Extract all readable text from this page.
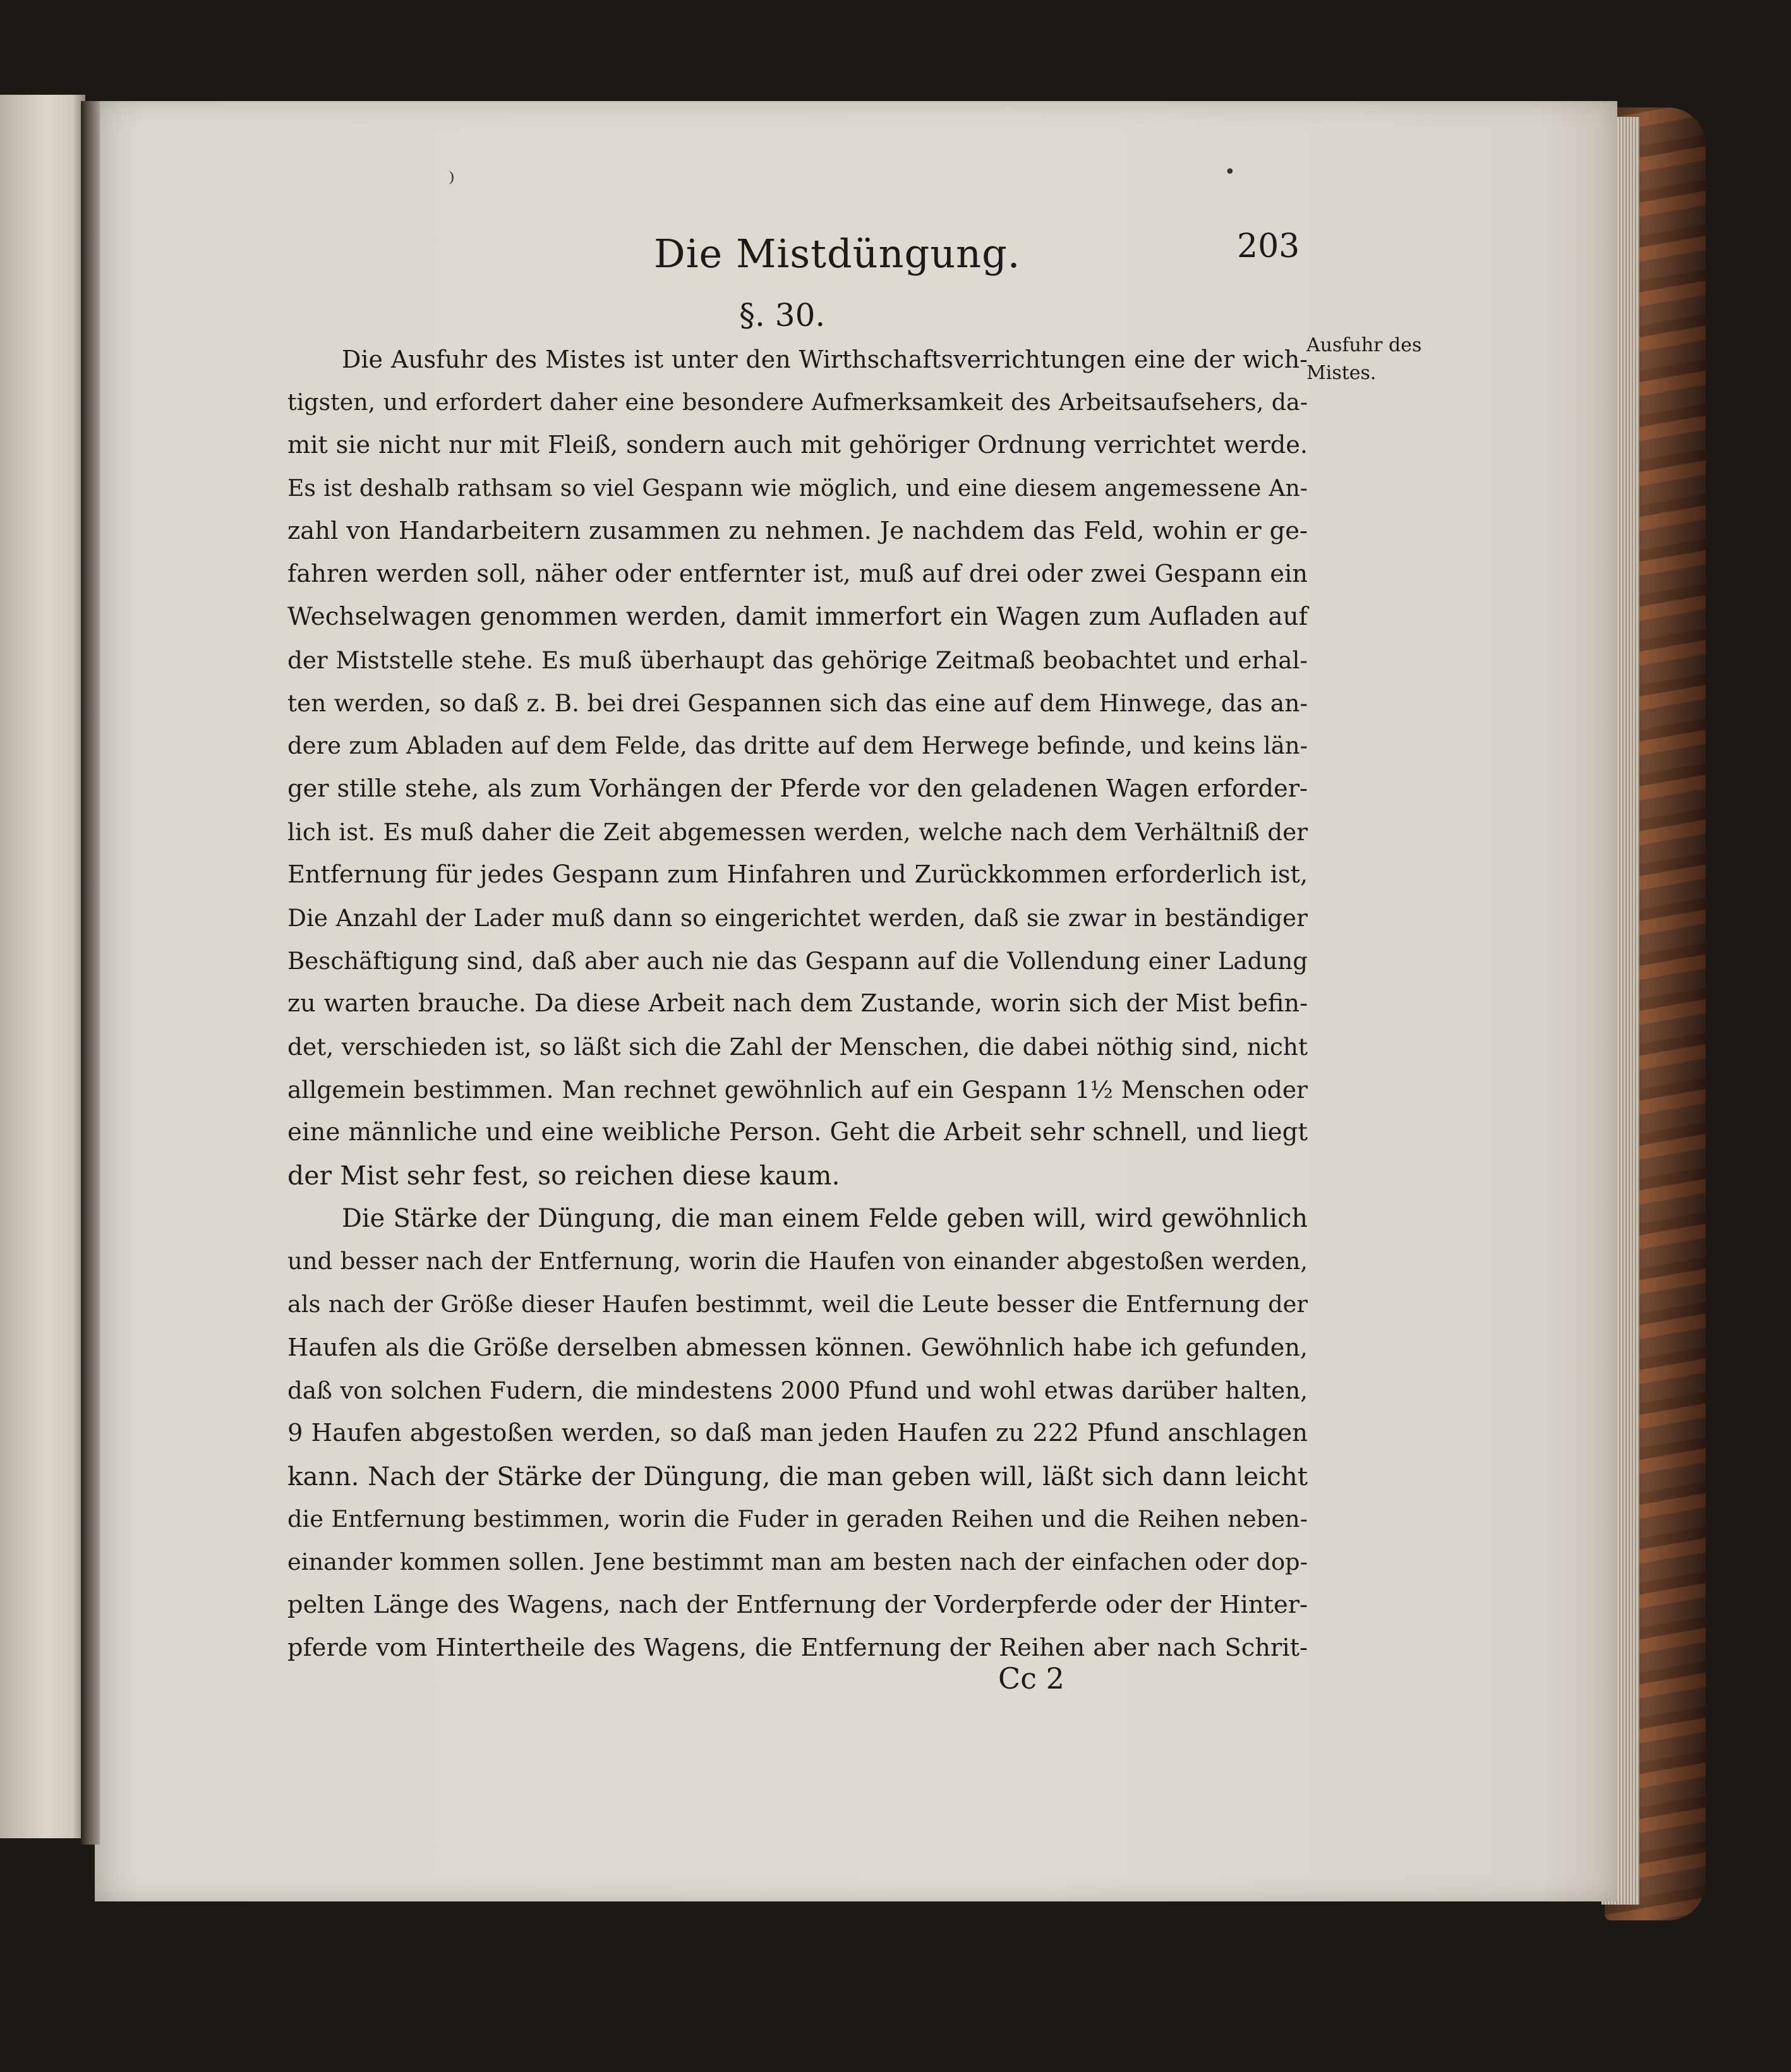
⁾	•
Die Mistdüngung.	203
§. 30.
Ausfuhr des
Mistes.
Die Ausfuhr des Mistes ist unter den Wirthschaftsverrichtungen eine der wich-
tigsten, und erfordert daher eine besondere Aufmerksamkeit des Arbeitsaufsehers, da-
mit sie nicht nur mit Fleiß, sondern auch mit gehöriger Ordnung verrichtet werde.
Es ist deshalb rathsam so viel Gespann wie möglich, und eine diesem angemessene An-
zahl von Handarbeitern zusammen zu nehmen. Je nachdem das Feld, wohin er ge-
fahren werden soll, näher oder entfernter ist, muß auf drei oder zwei Gespann ein
Wechselwagen genommen werden, damit immerfort ein Wagen zum Aufladen auf
der Miststelle stehe. Es muß überhaupt das gehörige Zeitmaß beobachtet und erhal-
ten werden, so daß z. B. bei drei Gespannen sich das eine auf dem Hinwege, das an-
dere zum Abladen auf dem Felde, das dritte auf dem Herwege befinde, und keins län-
ger stille stehe, als zum Vorhängen der Pferde vor den geladenen Wagen erforder-
lich ist. Es muß daher die Zeit abgemessen werden, welche nach dem Verhältniß der
Entfernung für jedes Gespann zum Hinfahren und Zurückkommen erforderlich ist,
Die Anzahl der Lader muß dann so eingerichtet werden, daß sie zwar in beständiger
Beschäftigung sind, daß aber auch nie das Gespann auf die Vollendung einer Ladung
zu warten brauche. Da diese Arbeit nach dem Zustande, worin sich der Mist befin-
det, verschieden ist, so läßt sich die Zahl der Menschen, die dabei nöthig sind, nicht
allgemein bestimmen. Man rechnet gewöhnlich auf ein Gespann 1½ Menschen oder
eine männliche und eine weibliche Person. Geht die Arbeit sehr schnell, und liegt
der Mist sehr fest, so reichen diese kaum.
Die Stärke der Düngung, die man einem Felde geben will, wird gewöhnlich
und besser nach der Entfernung, worin die Haufen von einander abgestoßen werden,
als nach der Größe dieser Haufen bestimmt, weil die Leute besser die Entfernung der
Haufen als die Größe derselben abmessen können. Gewöhnlich habe ich gefunden,
daß von solchen Fudern, die mindestens 2000 Pfund und wohl etwas darüber halten,
9 Haufen abgestoßen werden, so daß man jeden Haufen zu 222 Pfund anschlagen
kann. Nach der Stärke der Düngung, die man geben will, läßt sich dann leicht
die Entfernung bestimmen, worin die Fuder in geraden Reihen und die Reihen neben-
einander kommen sollen. Jene bestimmt man am besten nach der einfachen oder dop-
pelten Länge des Wagens, nach der Entfernung der Vorderpferde oder der Hinter-
pferde vom Hintertheile des Wagens, die Entfernung der Reihen aber nach Schrit-
Cc 2
